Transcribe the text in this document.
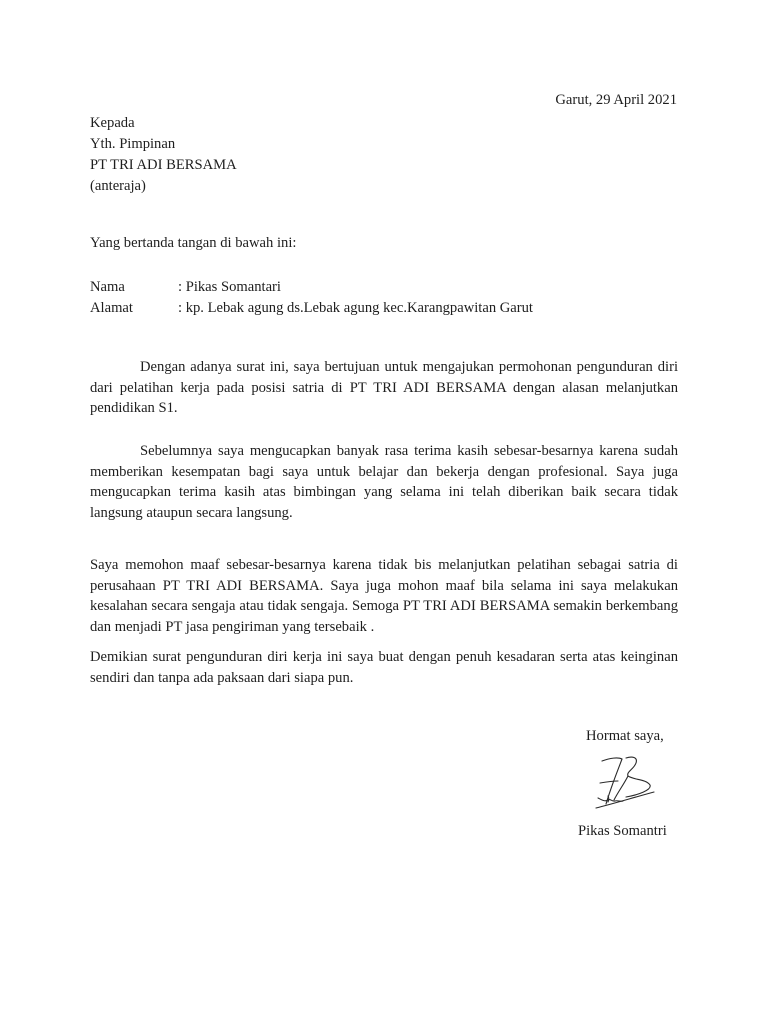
Garut, 29 April 2021
Kepada
Yth. Pimpinan
PT TRI ADI BERSAMA
(anteraja)
Yang bertanda tangan di bawah ini:
Nama	: Pikas Somantari
Alamat	: kp. Lebak agung ds.Lebak agung kec.Karangpawitan Garut

Dengan adanya surat ini, saya bertujuan untuk mengajukan permohonan pengunduran diri dari pelatihan kerja pada posisi satria di PT TRI ADI BERSAMA dengan alasan melanjutkan pendidikan S1.

Sebelumnya saya mengucapkan banyak rasa terima kasih sebesar-besarnya karena sudah memberikan kesempatan bagi saya untuk belajar dan bekerja dengan profesional. Saya juga mengucapkan terima kasih atas bimbingan yang selama ini telah diberikan baik secara tidak langsung ataupun secara langsung.

Saya memohon maaf sebesar-besarnya karena tidak bis melanjutkan pelatihan sebagai satria di perusahaan PT TRI ADI BERSAMA. Saya juga mohon maaf bila selama ini saya melakukan kesalahan secara sengaja atau tidak sengaja. Semoga PT TRI ADI BERSAMA semakin berkembang dan menjadi PT jasa pengiriman yang tersebaik .

Demikian surat pengunduran diri kerja ini saya buat dengan penuh kesadaran serta atas keinginan sendiri dan tanpa ada paksaan dari siapa pun.

Hormat saya,
Pikas Somantri
